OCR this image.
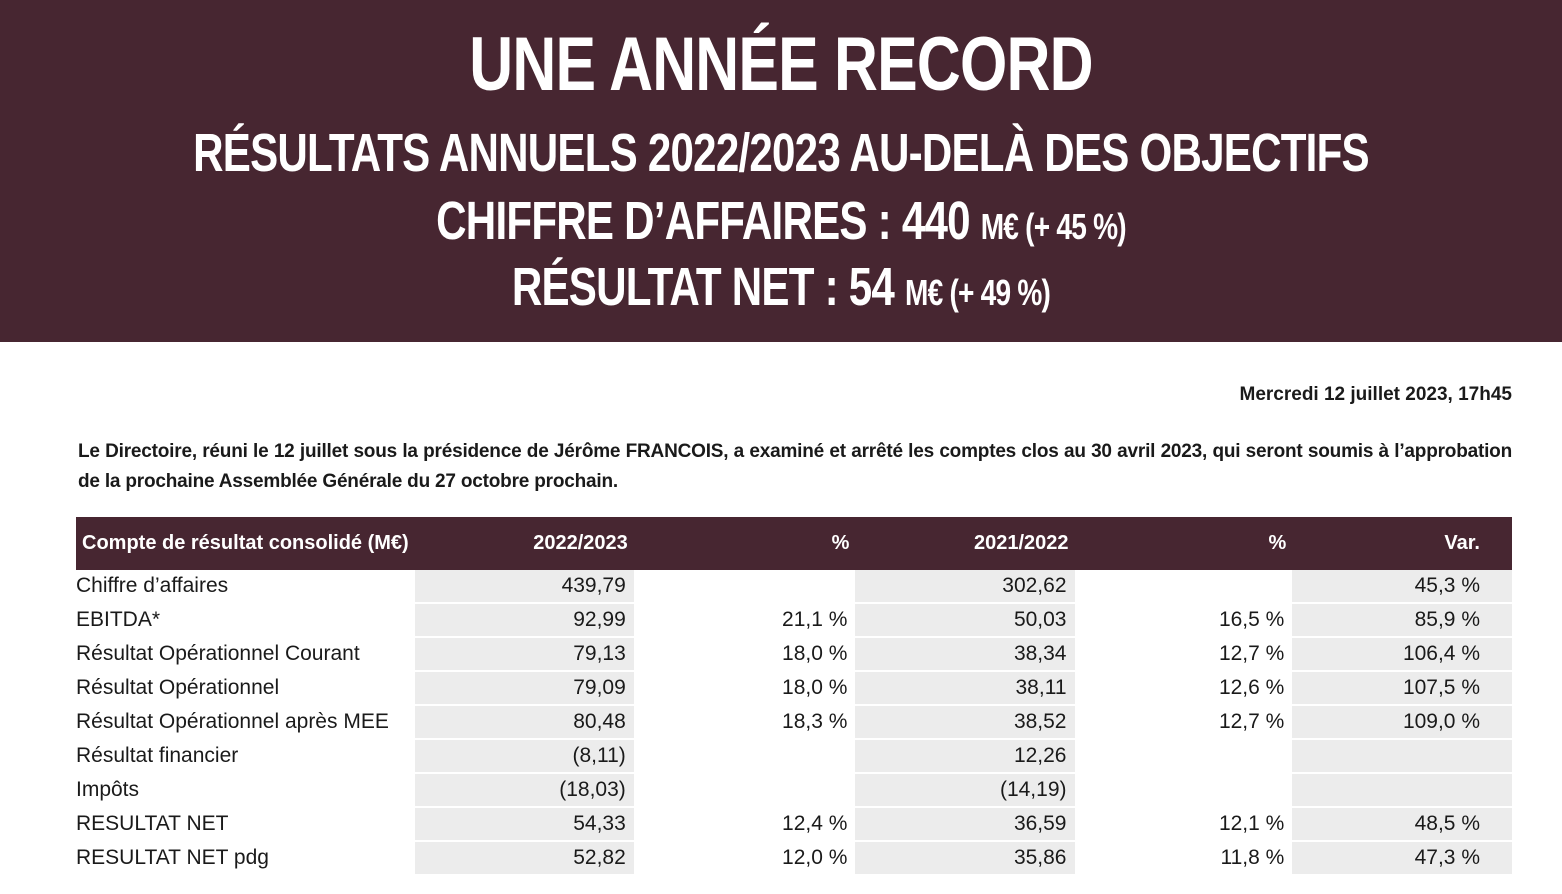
UNE ANNÉE RECORD
RÉSULTATS ANNUELS 2022/2023 AU-DELÀ DES OBJECTIFS
CHIFFRE D’AFFAIRES : 440 M€ (+ 45 %)
RÉSULTAT NET : 54 M€ (+ 49 %)
Mercredi 12 juillet 2023, 17h45
Le Directoire, réuni le 12 juillet sous la présidence de Jérôme FRANCOIS, a examiné et arrêté les comptes clos au 30 avril 2023, qui seront soumis à l’approbation de la prochaine Assemblée Générale du 27 octobre prochain.
Compte de résultat consolidé (M€)	2022/2023	%	2021/2022	%	Var.
Chiffre d’affaires	439,79		302,62		45,3 %
EBITDA*	92,99	21,1 %	50,03	16,5 %	85,9 %
Résultat Opérationnel Courant	79,13	18,0 %	38,34	12,7 %	106,4 %
Résultat Opérationnel	79,09	18,0 %	38,11	12,6 %	107,5 %
Résultat Opérationnel après MEE	80,48	18,3 %	38,52	12,7 %	109,0 %
Résultat financier	(8,11)		12,26		
Impôts	(18,03)		(14,19)		
RESULTAT NET	54,33	12,4 %	36,59	12,1 %	48,5 %
RESULTAT NET pdg	52,82	12,0 %	35,86	11,8 %	47,3 %
